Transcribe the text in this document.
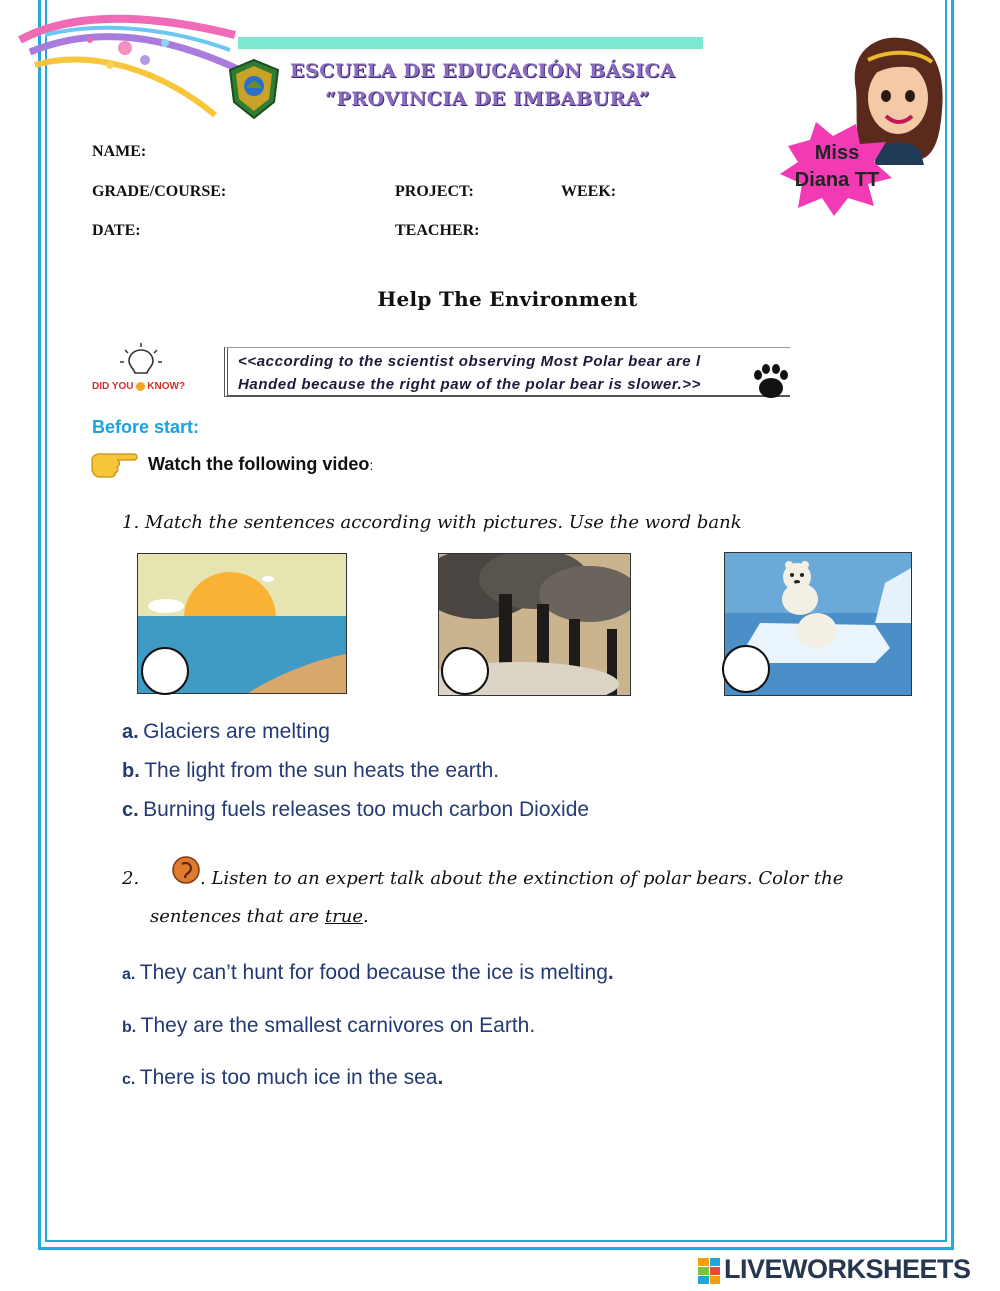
ESCUELA DE EDUCACIÓN BÁSICA
“PROVINCIA DE IMBABURA”
Miss
Diana TT
NAME:
GRADE/COURSE:	PROJECT:	WEEK:
DATE:	TEACHER:
Help The Environment
DID YOU KNOW?
<<according to the scientist observing Most Polar bear are l
Handed because the right paw of the polar bear is slower.>>
Before start:
Watch the following video:
1. Match the sentences according with pictures. Use the word bank
a. Glaciers are melting
b. The light from the sun heats the earth.
c. Burning fuels releases too much carbon Dioxide
2.	. Listen to an expert talk about the extinction of polar bears. Color the
sentences that are true.
a. They can’t hunt for food because the ice is melting.
b. They are the smallest carnivores on Earth.
c. There is too much ice in the sea.
LIVEWORKSHEETS
